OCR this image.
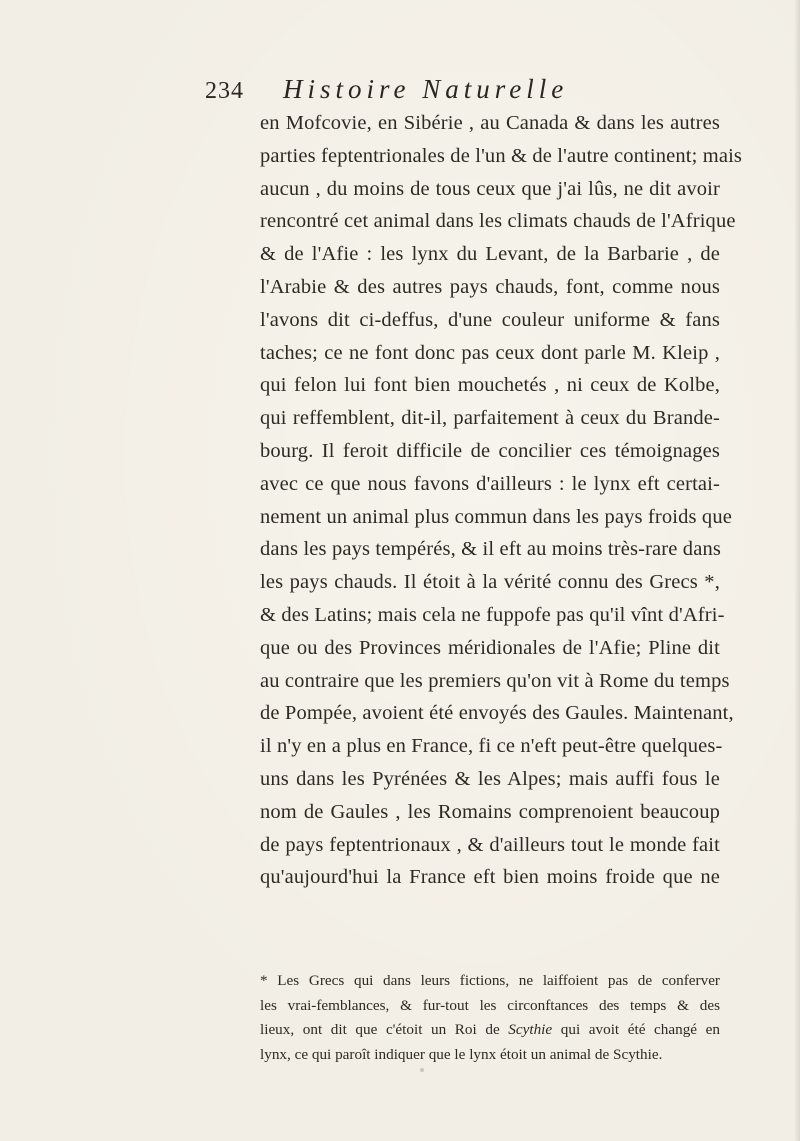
234 Histoire Naturelle
en Mofcovie, en Sibérie , au Canada & dans les autres
parties feptentrionales de l'un & de l'autre continent; mais
aucun , du moins de tous ceux que j'ai lûs, ne dit avoir
rencontré cet animal dans les climats chauds de l'Afrique
& de l'Afie : les lynx du Levant, de la Barbarie , de
l'Arabie & des autres pays chauds, font, comme nous
l'avons dit ci-deffus, d'une couleur uniforme & fans
taches; ce ne font donc pas ceux dont parle M. Kleip ,
qui felon lui font bien mouchetés , ni ceux de Kolbe,
qui reffemblent, dit-il, parfaitement à ceux du Brande-
bourg. Il feroit difficile de concilier ces témoignages
avec ce que nous favons d'ailleurs : le lynx eft certai-
nement un animal plus commun dans les pays froids que
dans les pays tempérés, & il eft au moins très-rare dans
les pays chauds. Il étoit à la vérité connu des Grecs *,
& des Latins; mais cela ne fuppofe pas qu'il vînt d'Afri-
que ou des Provinces méridionales de l'Afie; Pline dit
au contraire que les premiers qu'on vit à Rome du temps
de Pompée, avoient été envoyés des Gaules. Maintenant,
il n'y en a plus en France, fi ce n'eft peut-être quelques-
uns dans les Pyrénées & les Alpes; mais auffi fous le
nom de Gaules , les Romains comprenoient beaucoup
de pays feptentrionaux , & d'ailleurs tout le monde fait
qu'aujourd'hui la France eft bien moins froide que ne
* Les Grecs qui dans leurs fictions, ne laiffoient pas de conferver
les vrai-femblances, & fur-tout les circonftances des temps & des
lieux, ont dit que c'étoit un Roi de Scythie qui avoit été changé en
lynx, ce qui paroît indiquer que le lynx étoit un animal de Scythie.
